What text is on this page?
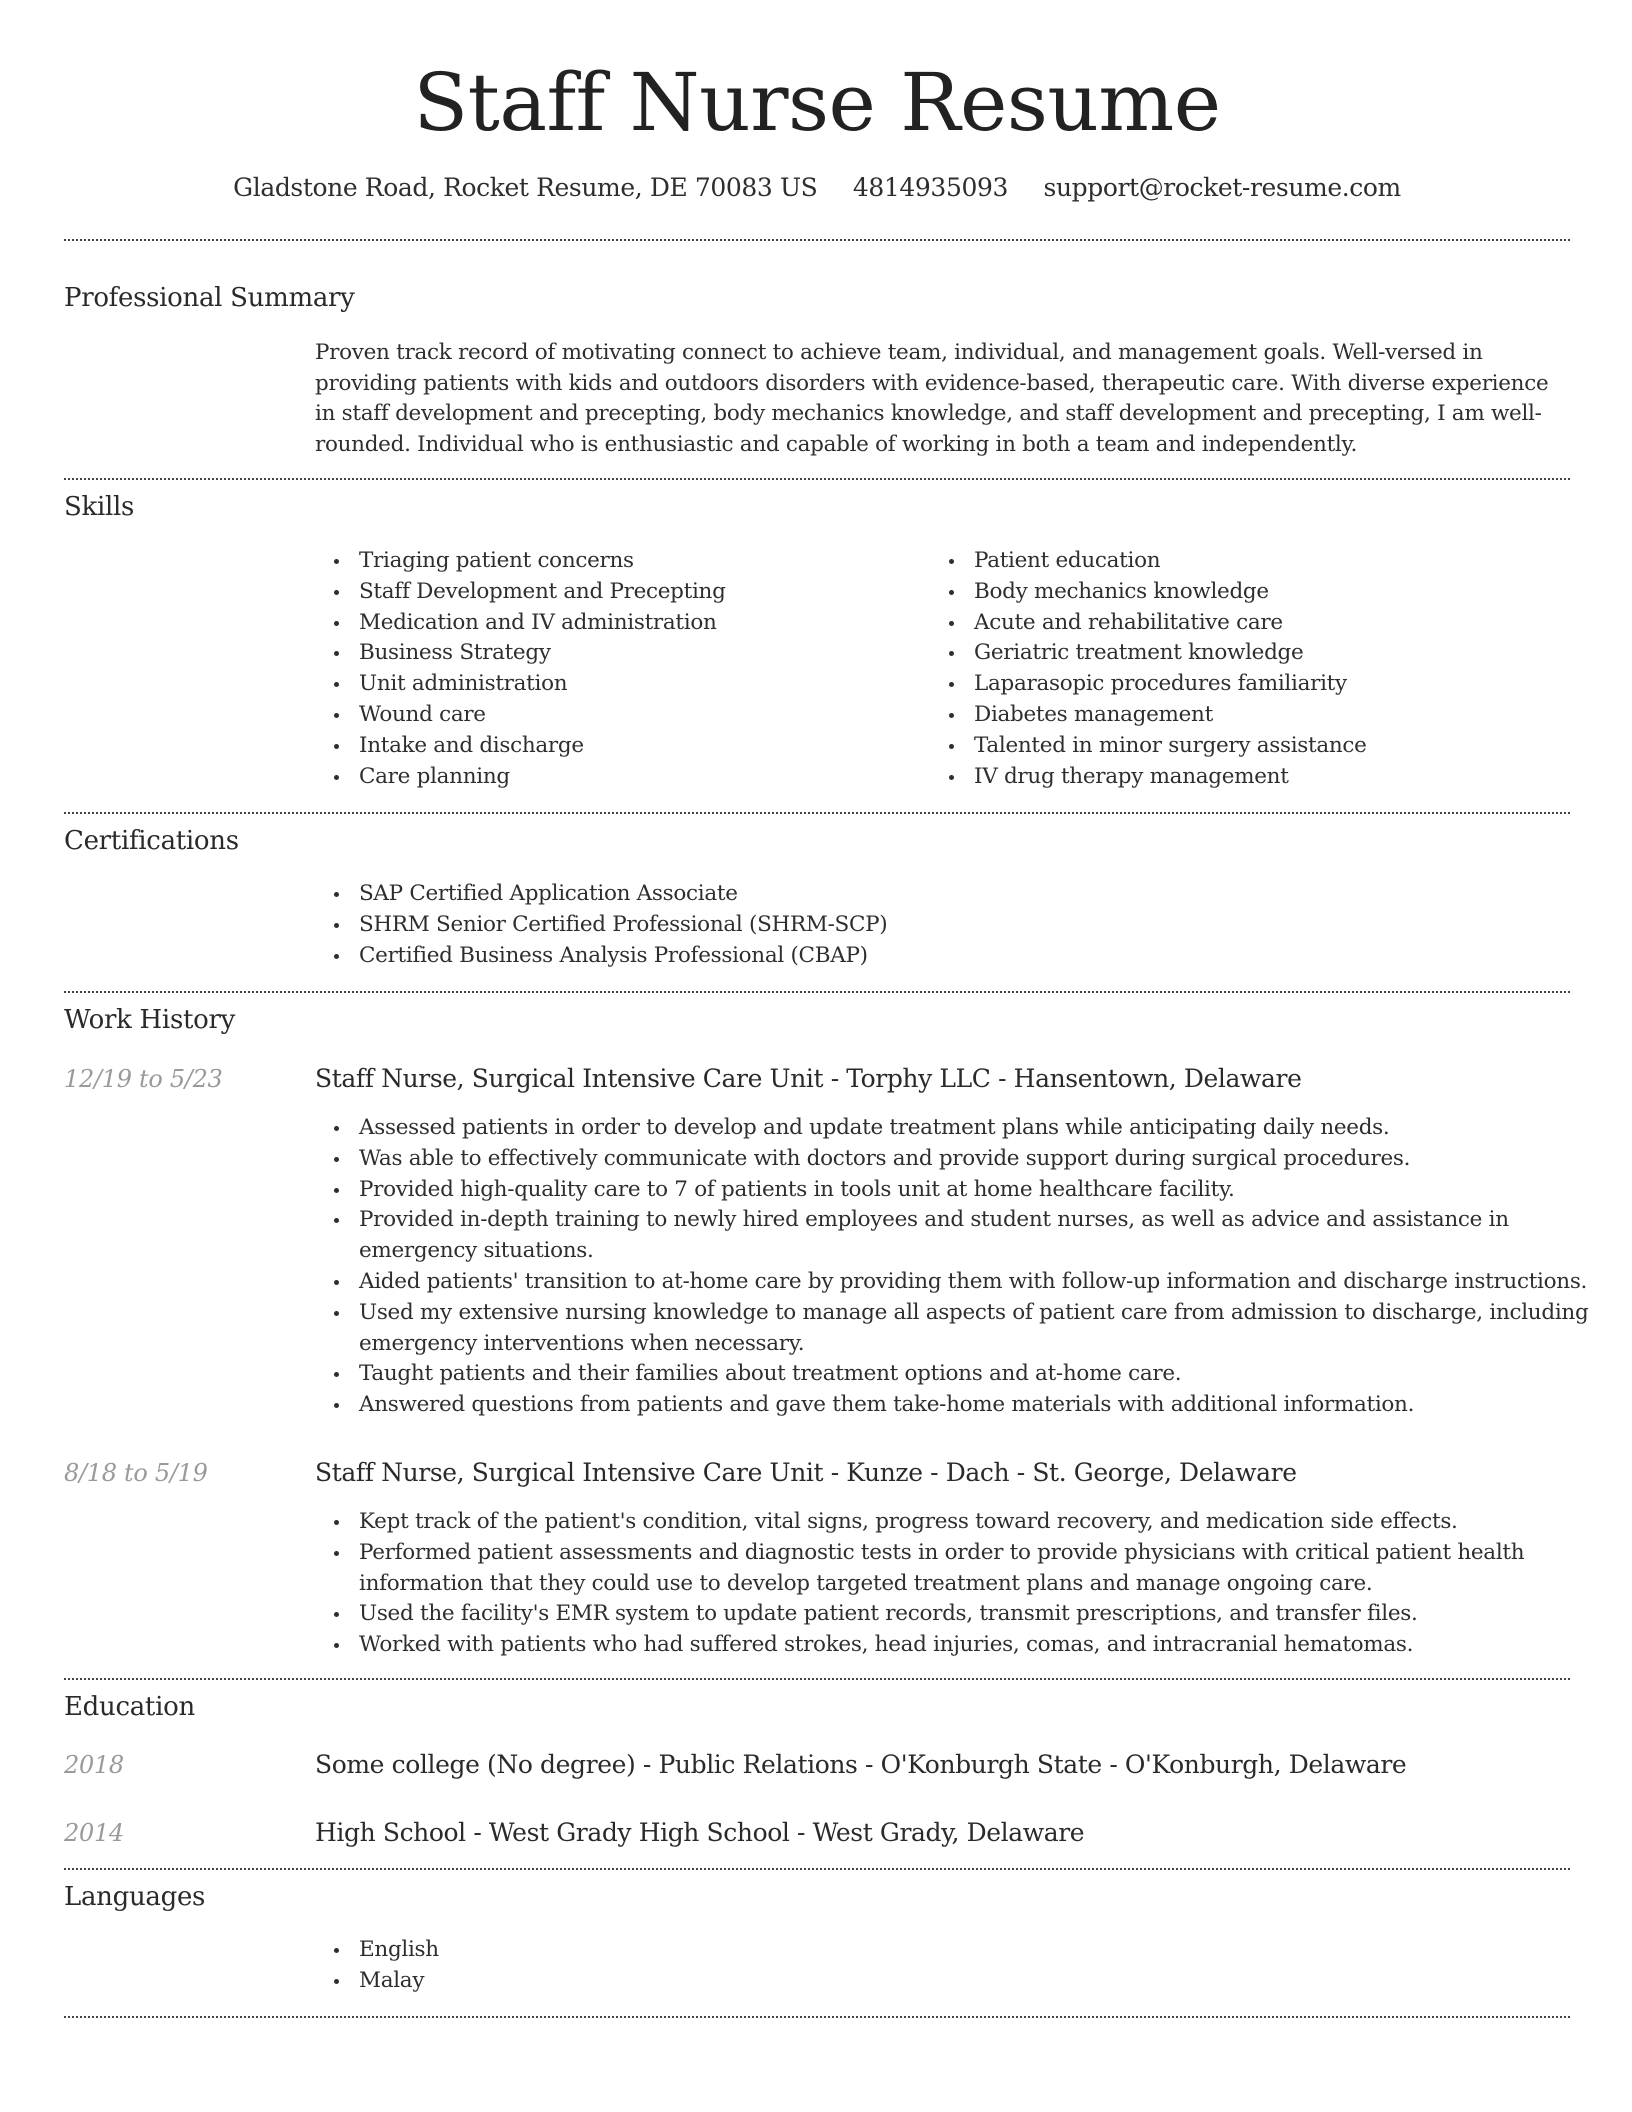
Staff Nurse Resume
Gladstone Road, Rocket Resume, DE 70083 US 4814935093 support@rocket-resume.com
Professional Summary

Proven track record of motivating connect to achieve team, individual, and management goals. Well-versed in providing patients with kids and outdoors disorders with evidence-based, therapeutic care. With diverse experience in staff development and precepting, body mechanics knowledge, and staff development and precepting, I am well-rounded. Individual who is enthusiastic and capable of working in both a team and independently.

Skills
Triaging patient concerns
Staff Development and Precepting
Medication and IV administration
Business Strategy
Unit administration
Wound care
Intake and discharge
Care planning
Patient education
Body mechanics knowledge
Acute and rehabilitative care
Geriatric treatment knowledge
Laparasopic procedures familiarity
Diabetes management
Talented in minor surgery assistance
IV drug therapy management
Certifications
SAP Certified Application Associate
SHRM Senior Certified Professional (SHRM-SCP)
Certified Business Analysis Professional (CBAP)
Work History
12/19 to 5/23	Staff Nurse, Surgical Intensive Care Unit - Torphy LLC - Hansentown, Delaware
Assessed patients in order to develop and update treatment plans while anticipating daily needs.
Was able to effectively communicate with doctors and provide support during surgical procedures.
Provided high-quality care to 7 of patients in tools unit at home healthcare facility.
Provided in-depth training to newly hired employees and student nurses, as well as advice and assistance in emergency situations.
Aided patients' transition to at-home care by providing them with follow-up information and discharge instructions.
Used my extensive nursing knowledge to manage all aspects of patient care from admission to discharge, including emergency interventions when necessary.
Taught patients and their families about treatment options and at-home care.
Answered questions from patients and gave them take-home materials with additional information.
8/18 to 5/19	Staff Nurse, Surgical Intensive Care Unit - Kunze - Dach - St. George, Delaware
Kept track of the patient's condition, vital signs, progress toward recovery, and medication side effects.
Performed patient assessments and diagnostic tests in order to provide physicians with critical patient health information that they could use to develop targeted treatment plans and manage ongoing care.
Used the facility's EMR system to update patient records, transmit prescriptions, and transfer files.
Worked with patients who had suffered strokes, head injuries, comas, and intracranial hematomas.
Education
2018	Some college (No degree) - Public Relations - O'Konburgh State - O'Konburgh, Delaware
2014	High School - West Grady High School - West Grady, Delaware
Languages
English
Malay
